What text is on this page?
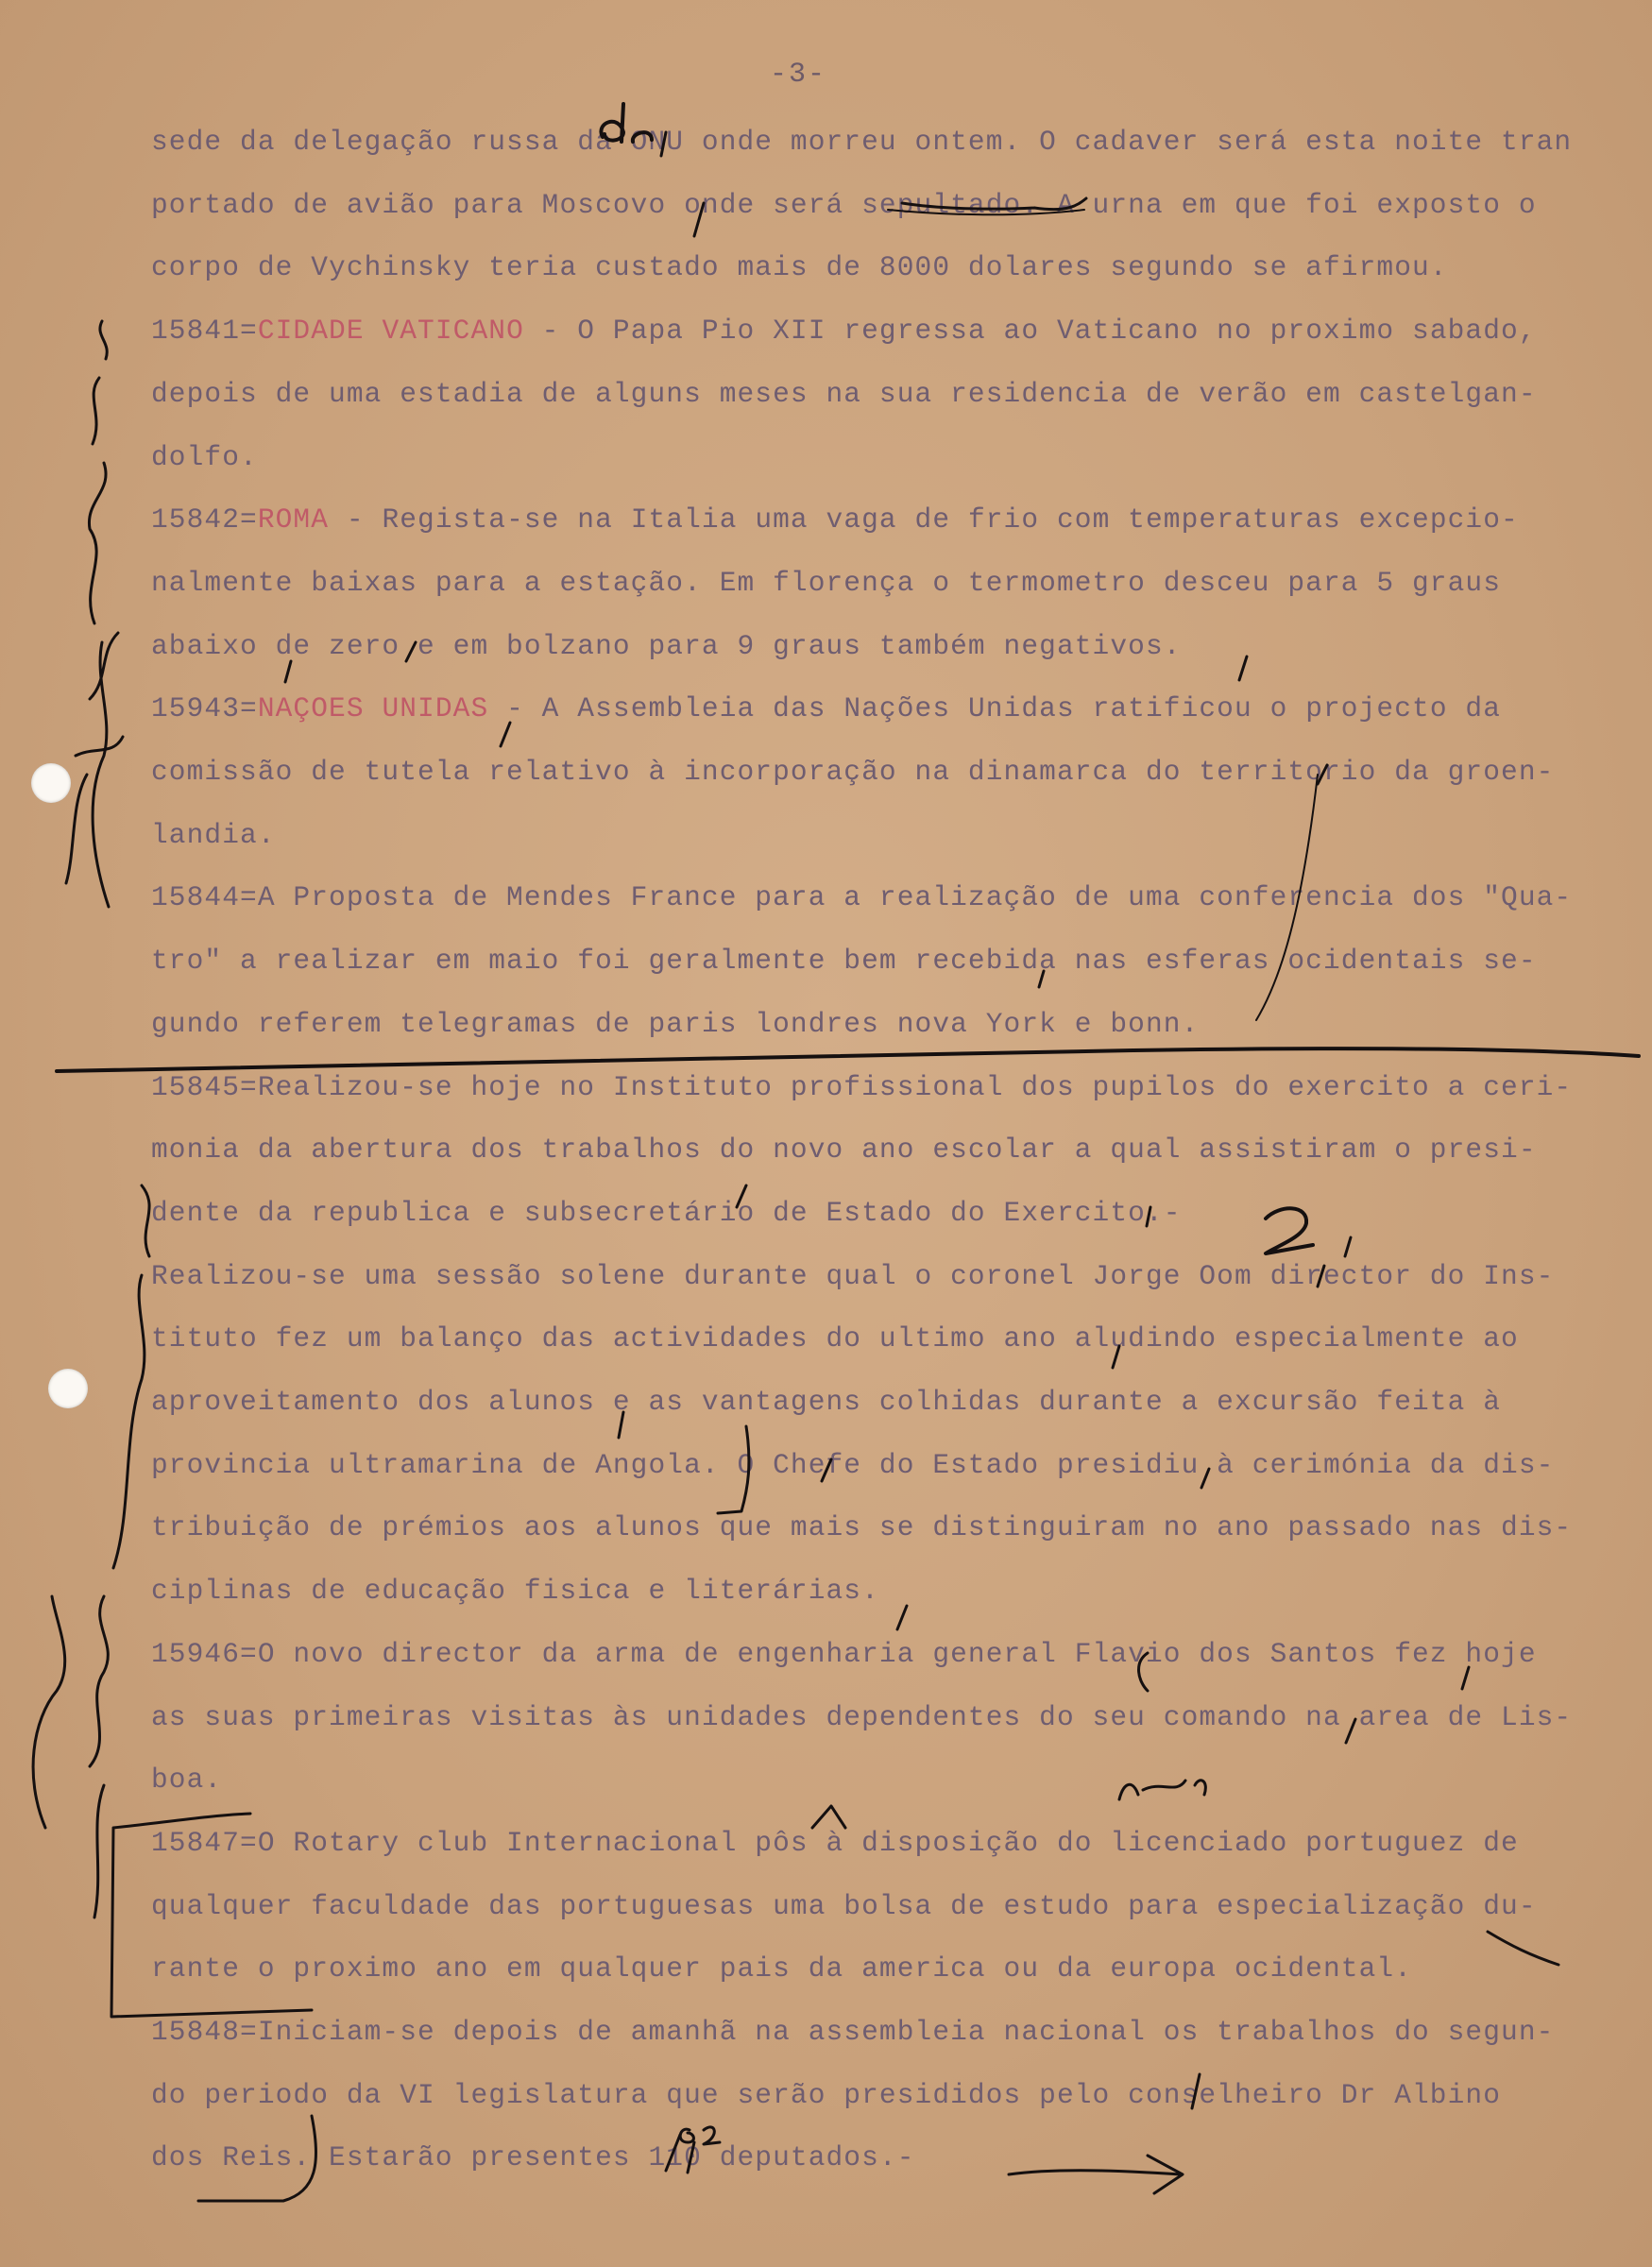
-3-
sede da delegação russa da ONU onde morreu ontem. O cadaver será esta noite tran
portado de avião para Moscovo onde será sepultado. A urna em que foi exposto o
corpo de Vychinsky teria custado mais de 8000 dolares segundo se afirmou.
15841=CIDADE VATICANO - O Papa Pio XII regressa ao Vaticano no proximo sabado,
depois de uma estadia de alguns meses na sua residencia de verão em castelgan-
dolfo.
15842=ROMA - Regista-se na Italia uma vaga de frio com temperaturas excepcio-
nalmente baixas para a estação. Em florença o termometro desceu para 5 graus
abaixo de zero e em bolzano para 9 graus também negativos.
15943=NAÇOES UNIDAS - A Assembleia das Nações Unidas ratificou o projecto da
comissão de tutela relativo à incorporação na dinamarca do territorio da groen-
landia.
15844=A Proposta de Mendes France para a realização de uma conferencia dos "Qua-
tro" a realizar em maio foi geralmente bem recebida nas esferas ocidentais se-
gundo referem telegramas de paris londres nova York e bonn.
15845=Realizou-se hoje no Instituto profissional dos pupilos do exercito a ceri-
monia da abertura dos trabalhos do novo ano escolar a qual assistiram o presi-
dente da republica e subsecretário de Estado do Exercito.-
Realizou-se uma sessão solene durante qual o coronel Jorge Oom director do Ins-
tituto fez um balanço das actividades do ultimo ano aludindo especialmente ao
aproveitamento dos alunos e as vantagens colhidas durante a excursão feita à
provincia ultramarina de Angola. O Chefe do Estado presidiu à cerimónia da dis-
tribuição de prémios aos alunos que mais se distinguiram no ano passado nas dis-
ciplinas de educação fisica e literárias.
15946=O novo director da arma de engenharia general Flavio dos Santos fez hoje
as suas primeiras visitas às unidades dependentes do seu comando na area de Lis-
boa.
15847=O Rotary club Internacional pôs à disposição do licenciado portuguez de
qualquer faculdade das portuguesas uma bolsa de estudo para especialização du-
rante o proximo ano em qualquer pais da america ou da europa ocidental.
15848=Iniciam-se depois de amanhã na assembleia nacional os trabalhos do segun-
do periodo da VI legislatura que serão presididos pelo conselheiro Dr Albino
dos Reis. Estarão presentes 110 deputados.-
